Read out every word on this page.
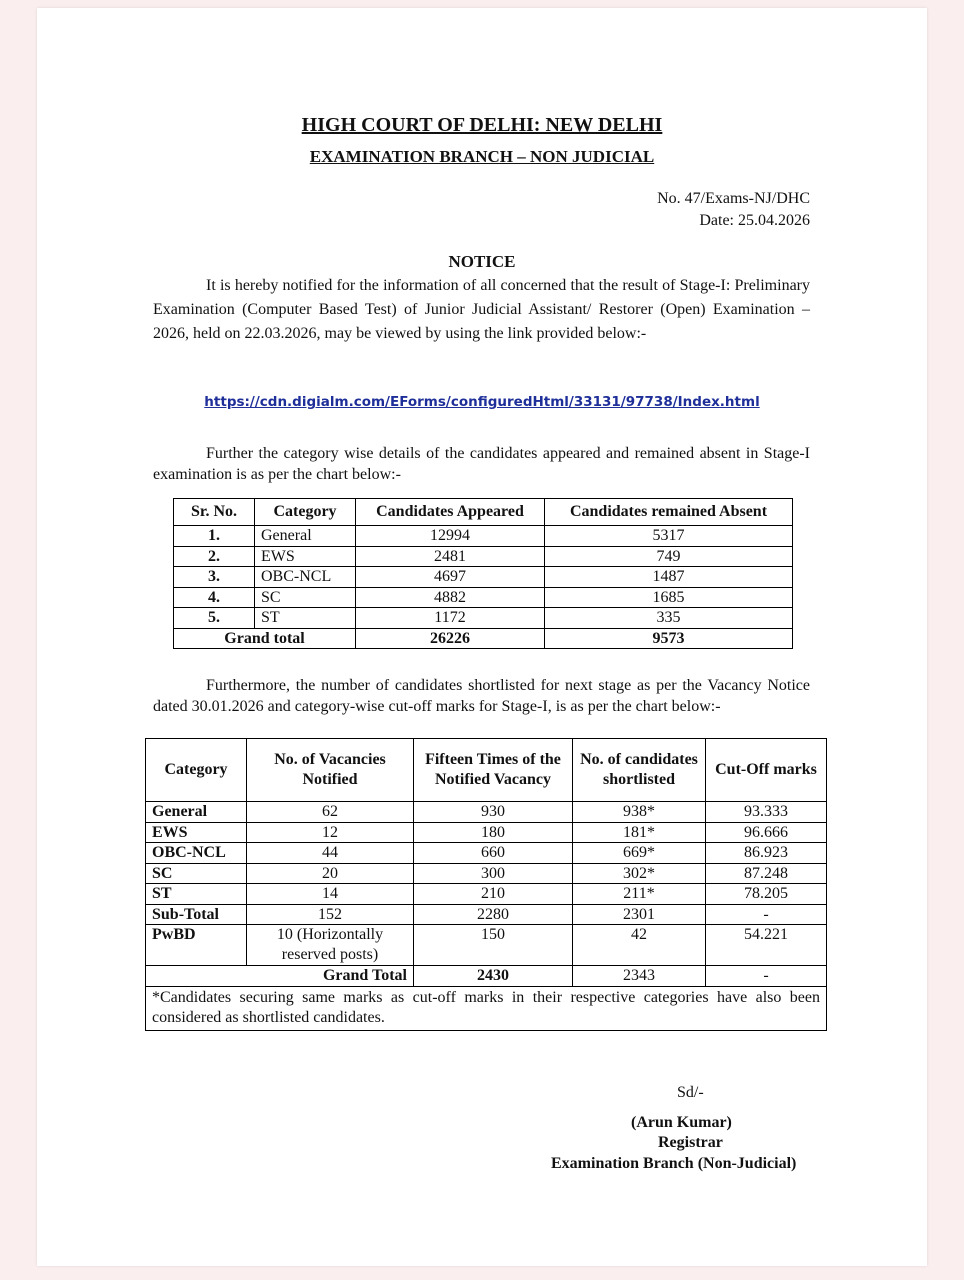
HIGH COURT OF DELHI: NEW DELHI
EXAMINATION BRANCH – NON JUDICIAL
No. 47/Exams-NJ/DHC
Date: 25.04.2026
NOTICE
It is hereby notified for the information of all concerned that the result of Stage-I: Preliminary Examination (Computer Based Test) of Junior Judicial Assistant/ Restorer (Open) Examination – 2026, held on 22.03.2026, may be viewed by using the link provided below:-
https://cdn.digialm.com/EForms/configuredHtml/33131/97738/Index.html
Further the category wise details of the candidates appeared and remained absent in Stage-I examination is as per the chart below:-
Sr. No.	Category	Candidates Appeared	Candidates remained Absent
1.	General	12994	5317
2.	EWS	2481	749
3.	OBC-NCL	4697	1487
4.	SC	4882	1685
5.	ST	1172	335
Grand total		26226	9573
Furthermore, the number of candidates shortlisted for next stage as per the Vacancy Notice dated 30.01.2026 and category-wise cut-off marks for Stage-I, is as per the chart below:-
Category	No. of Vacancies Notified	Fifteen Times of the Notified Vacancy	No. of candidates shortlisted	Cut-Off marks
General	62	930	938*	93.333
EWS	12	180	181*	96.666
OBC-NCL	44	660	669*	86.923
SC	20	300	302*	87.248
ST	14	210	211*	78.205
Sub-Total	152	2280	2301	-
PwBD	10 (Horizontally reserved posts)	150	42	54.221
Grand Total		2430	2343	-
*Candidates securing same marks as cut-off marks in their respective categories have also been considered as shortlisted candidates.				
Sd/-
(Arun Kumar)
Registrar
Examination Branch (Non-Judicial)
